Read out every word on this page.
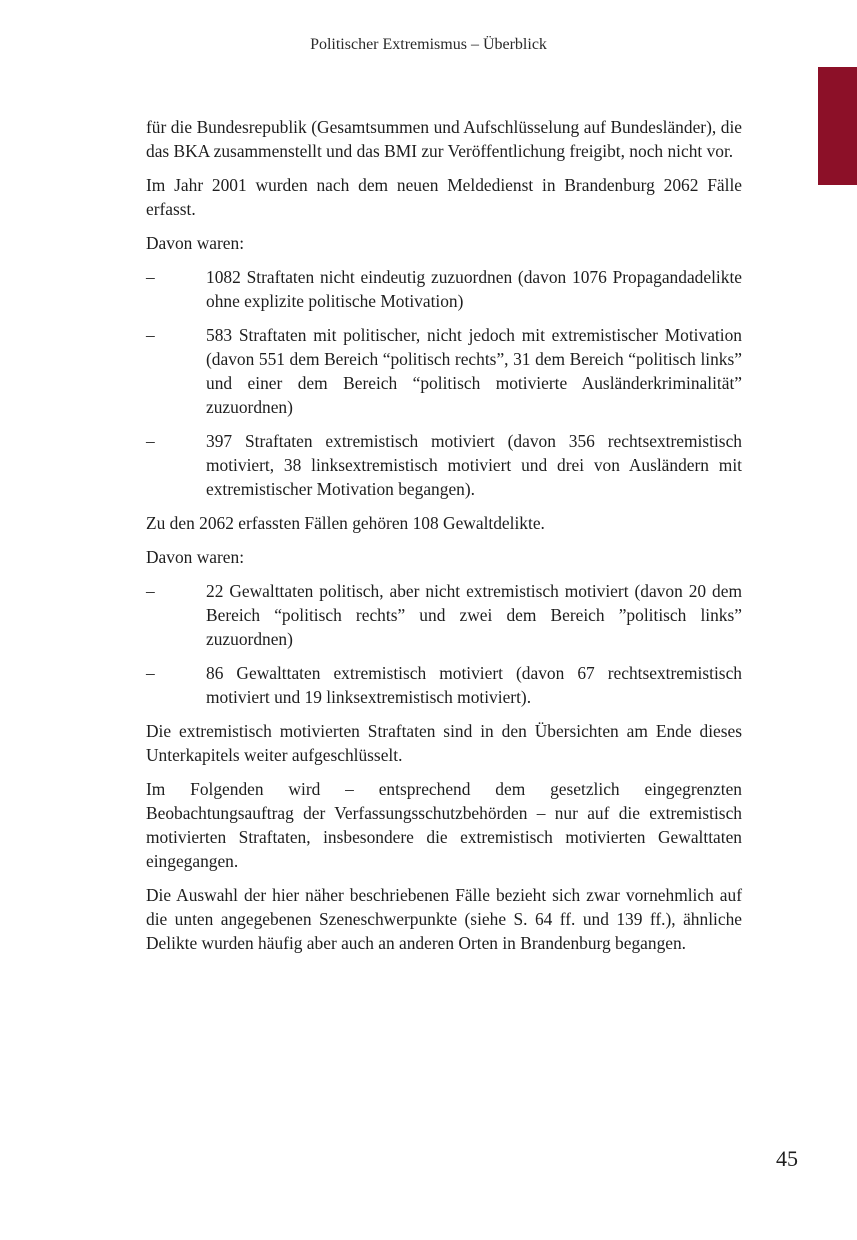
Politischer Extremismus – Überblick

für die Bundesrepublik (Gesamtsummen und Aufschlüsselung auf Bundesländer), die das BKA zusammenstellt und das BMI zur Veröffentlichung freigibt, noch nicht vor.

Im Jahr 2001 wurden nach dem neuen Meldedienst in Brandenburg 2062 Fälle erfasst.

Davon waren:

–	1082 Straftaten nicht eindeutig zuzuordnen (davon 1076 Propagandadelikte ohne explizite politische Motivation)
–	583 Straftaten mit politischer, nicht jedoch mit extremistischer Motivation (davon 551 dem Bereich “politisch rechts”, 31 dem Bereich “politisch links” und einer dem Bereich “politisch motivierte Ausländerkriminalität” zuzuordnen)
–	397 Straftaten extremistisch motiviert (davon 356 rechtsextremistisch motiviert, 38 linksextremistisch motiviert und drei von Ausländern mit extremistischer Motivation begangen).

Zu den 2062 erfassten Fällen gehören 108 Gewaltdelikte.

Davon waren:

–	22 Gewalttaten politisch, aber nicht extremistisch motiviert (davon 20 dem Bereich “politisch rechts” und zwei dem Bereich ”politisch links” zuzuordnen)
–	86 Gewalttaten extremistisch motiviert (davon 67 rechtsextremistisch motiviert und 19 linksextremistisch motiviert).

Die extremistisch motivierten Straftaten sind in den Übersichten am Ende dieses Unterkapitels weiter aufgeschlüsselt.

Im Folgenden wird – entsprechend dem gesetzlich eingegrenzten Beobachtungsauftrag der Verfassungsschutzbehörden – nur auf die extremistisch motivierten Straftaten, insbesondere die extremistisch motivierten Gewalttaten eingegangen.

Die Auswahl der hier näher beschriebenen Fälle bezieht sich zwar vornehmlich auf die unten angegebenen Szeneschwerpunkte (siehe S. 64 ff. und 139 ff.), ähnliche Delikte wurden häufig aber auch an anderen Orten in Brandenburg begangen.

45
